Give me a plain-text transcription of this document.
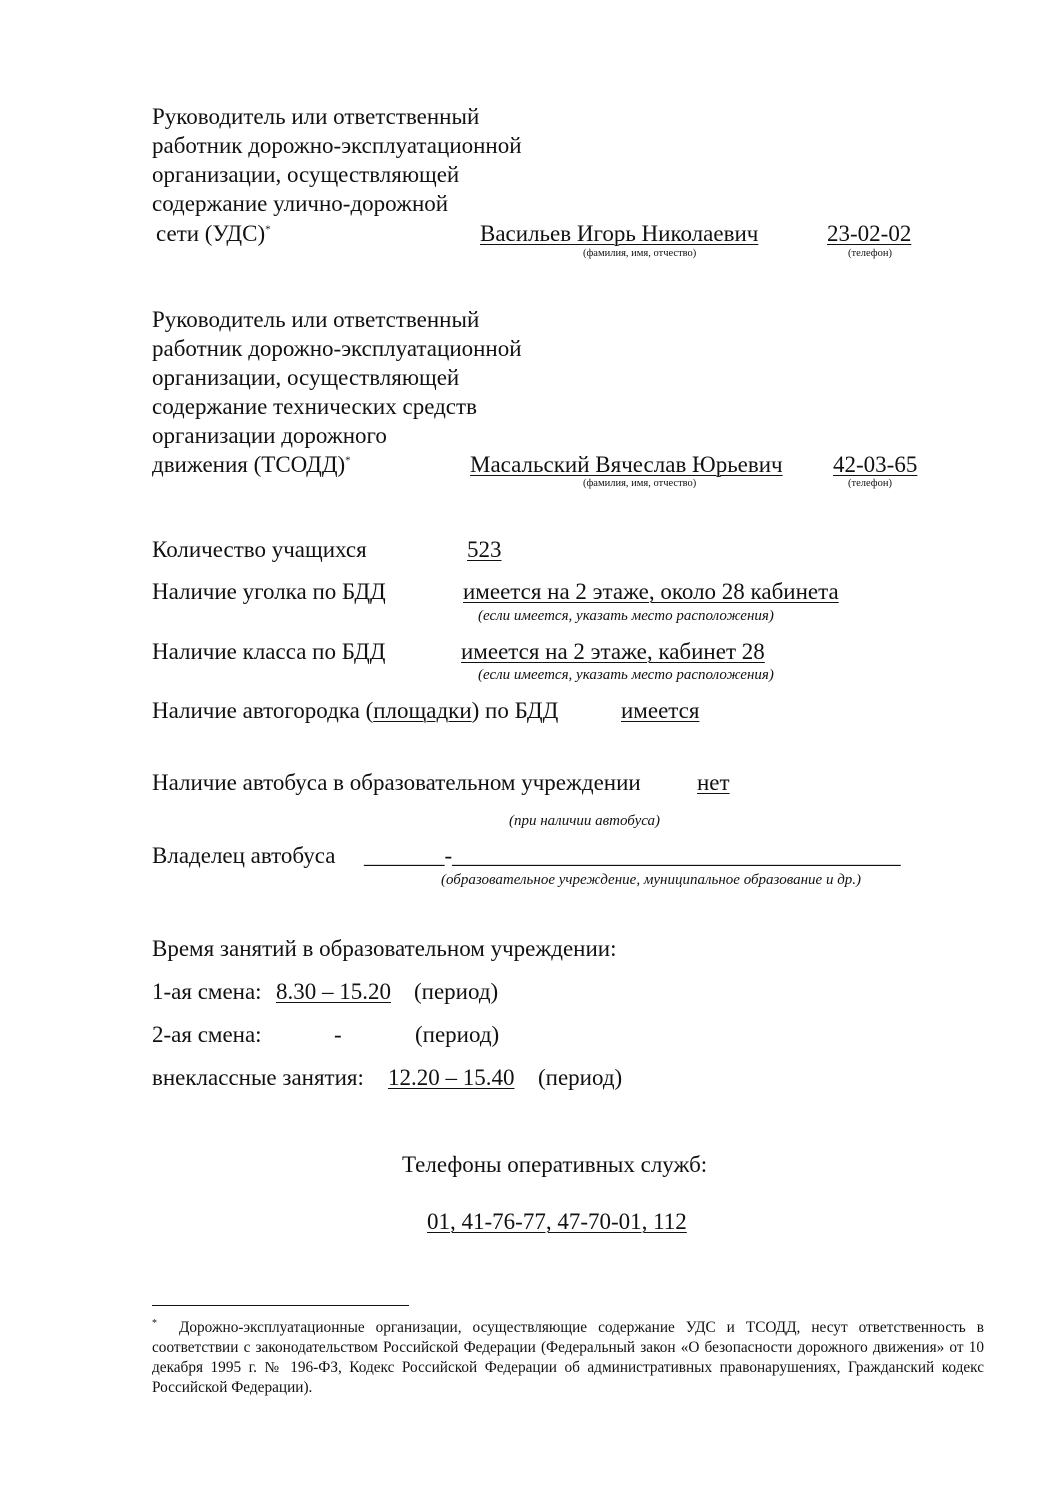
Руководитель или ответственный
работник дорожно-эксплуатационной
организации, осуществляющей
содержание улично-дорожной
сети (УДС)*	Васильев Игорь Николаевич	23-02-02
(фамилия, имя, отчество)	(телефон)
Руководитель или ответственный
работник дорожно-эксплуатационной
организации, осуществляющей
содержание технических средств
организации дорожного
движения (ТСОДД)*	Масальский Вячеслав Юрьевич 42-03-65
(фамилия, имя, отчество)	(телефон)
Количество учащихся	523
Наличие уголка по БДД	имеется на 2 этаже, около 28 кабинета
(если имеется, указать место расположения)
Наличие класса по БДД	имеется на 2 этаже, кабинет 28
(если имеется, указать место расположения)
Наличие автогородка (площадки) по БДД	имеется
Наличие автобуса в образовательном учреждении нет
(при наличии автобуса)
Владелец автобуса _______-_______________________________________
(образовательное учреждение, муниципальное образование и др.)
Время занятий в образовательном учреждении:
1-ая смена: 8.30 – 15.20 (период)
2-ая смена:	-	(период)
внеклассные занятия: 12.20 – 15.40 (период)
Телефоны оперативных служб:
01, 41-76-77, 47-70-01, 112
* Дорожно-эксплуатационные организации, осуществляющие содержание УДС и ТСОДД, несут ответственность в соответствии с законодательством Российской Федерации (Федеральный закон «О безопасности дорожного движения» от 10 декабря 1995 г. № 196-ФЗ, Кодекс Российской Федерации об административных правонарушениях, Гражданский кодекс Российской Федерации).
